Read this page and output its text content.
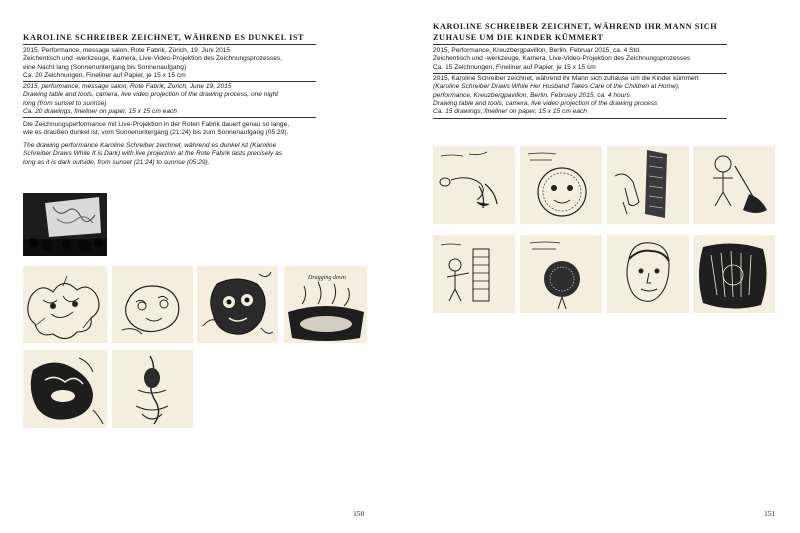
KAROLINE SCHREIBER ZEICHNET, WÄHREND ES DUNKEL IST

2015, Performance, message salon, Rote Fabrik, Zürich, 19. Juni 2015

Zeichentisch und -werkzeuge, Kamera, Live-Video-Projektion des Zeichnungsprozesses,

eine Nacht lang (Sonnenuntergang bis Sonnenaufgang)

Ca. 20 Zeichnungen, Fineliner auf Papier, je 15 x 15 cm

2015, performance, message salon, Rote Fabrik, Zurich, June 19, 2015

Drawing table and tools, camera, live video projection of the drawing process, one night

long (from sunset to sunrise)

Ca. 20 drawings, fineliner on paper, 15 x 15 cm each

Die Zeichnungsperformance mit Live-Projektion in der Roten Fabrik dauert genau so lange,

wie es draußen dunkel ist, vom Sonnenuntergang (21:24) bis zum Sonnenaufgang (05:29).

The drawing performance Karoline Schreiber zeichnet, während es dunkel ist (Karoline

Schreiber Draws While It is Dark) with live projection at the Rote Fabrik lasts precisely as

long as it is dark outside, from sunset (21:24) to sunrise (05:29).

Dragging down
150
KAROLINE SCHREIBER ZEICHNET, WÄHREND IHR MANN SICH
ZUHAUSE UM DIE KINDER KÜMMERT

2015, Performance, Kreuzbergpavillon, Berlin, Februar 2015, ca. 4 Std.

Zeichentisch und -werkzeuge, Kamera, Live-Video-Projektion des Zeichnungsprozesses

Ca. 15 Zeichnungen, Fineliner auf Papier, je 15 x 15 cm

2015, Karoline Schreiber zeichnet, während ihr Mann sich zuhause um die Kinder kümmert

(Karoline Schreiber Draws While Her Husband Takes Care of the Children at Home),

performance, Kreuzbergpavillon, Berlin, February 2015, ca. 4 hours

Drawing table and tools, camera, live video projection of the drawing process

Ca. 15 drawings, fineliner on paper, 15 x 15 cm each

151
